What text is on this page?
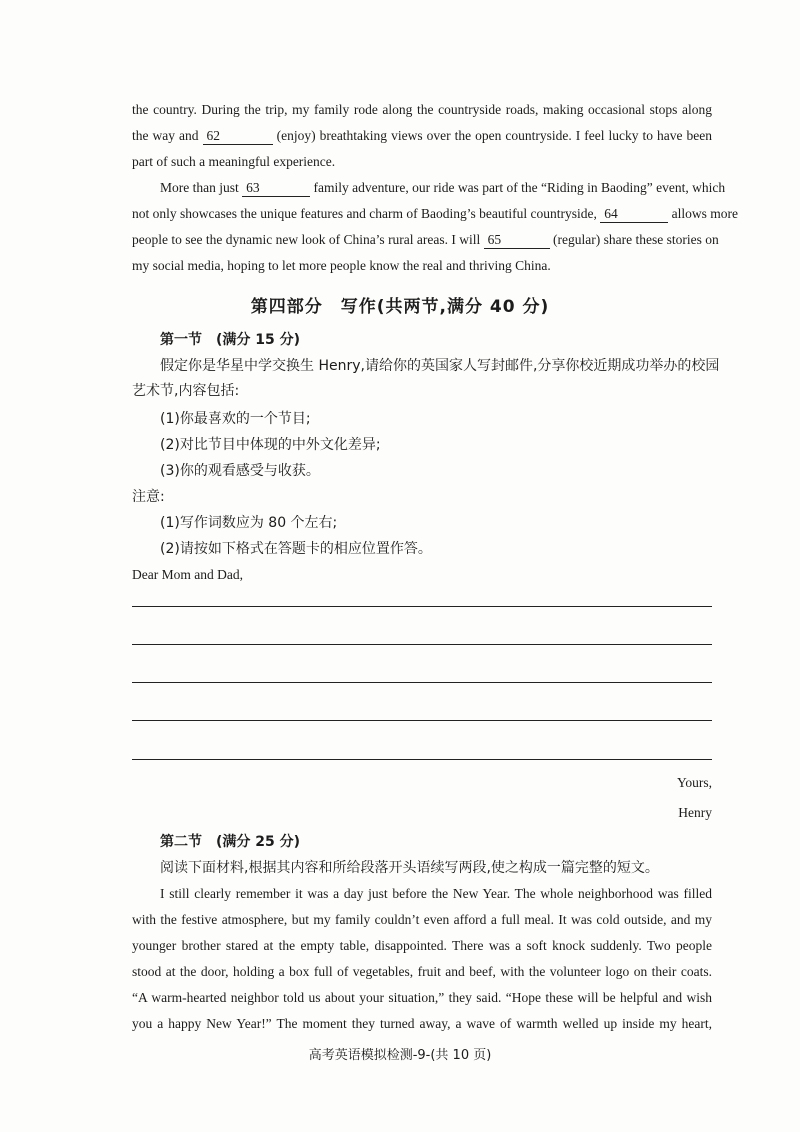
the country. During the trip, my family rode along the countryside roads, making occasional stops along
the way and 62	(enjoy) breathtaking views over the open countryside. I feel lucky to have been
part of such a meaningful experience.
More than just 63	family adventure, our ride was part of the “Riding in Baoding” event, which
not only showcases the unique features and charm of Baoding’s beautiful countryside, 64	allows more
people to see the dynamic new look of China’s rural areas. I will 65	(regular) share these stories on
my social media, hoping to let more people know the real and thriving China.
第四部分　写作(共两节,满分 40 分)
第一节　(满分 15 分)
假定你是华星中学交换生 Henry,请给你的英国家人写封邮件,分享你校近期成功举办的校园
艺术节,内容包括:
(1)你最喜欢的一个节目;
(2)对比节目中体现的中外文化差异;
(3)你的观看感受与收获。
注意:
(1)写作词数应为 80 个左右;
(2)请按如下格式在答题卡的相应位置作答。
Dear Mom and Dad,
Yours,
Henry
第二节　(满分 25 分)
阅读下面材料,根据其内容和所给段落开头语续写两段,使之构成一篇完整的短文。
I still clearly remember it was a day just before the New Year. The whole neighborhood was filled
with the festive atmosphere, but my family couldn’t even afford a full meal. It was cold outside, and my
younger brother stared at the empty table, disappointed. There was a soft knock suddenly. Two people
stood at the door, holding a box full of vegetables, fruit and beef, with the volunteer logo on their coats.
“A warm-hearted neighbor told us about your situation,” they said. “Hope these will be helpful and wish
you a happy New Year!” The moment they turned away, a wave of warmth welled up inside my heart,
高考英语模拟检测-9-(共 10 页)
